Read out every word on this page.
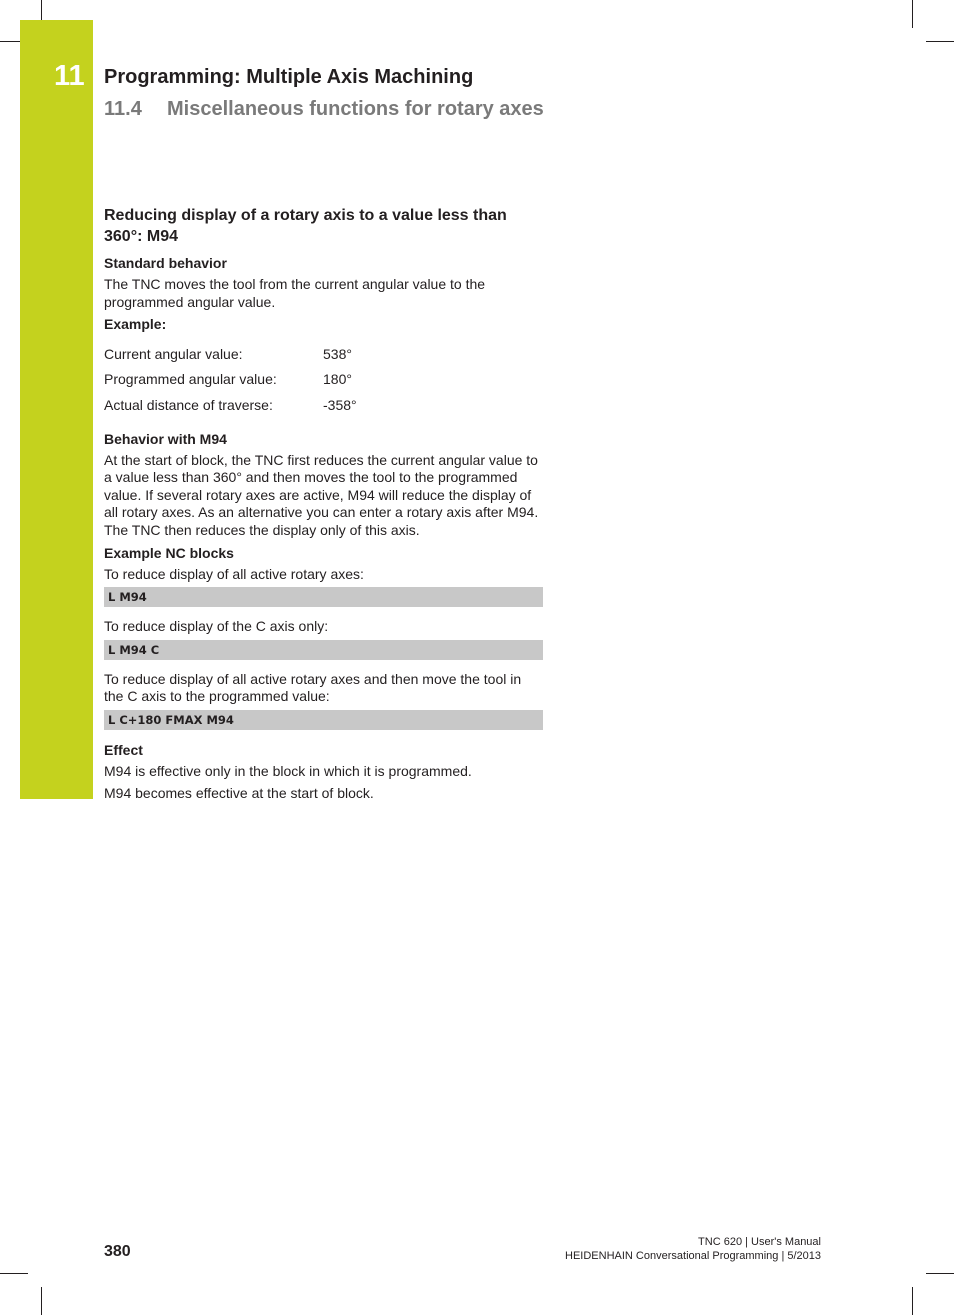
11 Programming: Multiple Axis Machining
11.4 Miscellaneous functions for rotary axes
Reducing display of a rotary axis to a value less than 360°: M94
Standard behavior

The TNC moves the tool from the current angular value to the programmed angular value.

Example:
Current angular value:	538°
Programmed angular value:	180°
Actual distance of traverse:	-358°
Behavior with M94

At the start of block, the TNC first reduces the current angular value to a value less than 360° and then moves the tool to the programmed value. If several rotary axes are active, M94 will reduce the display of all rotary axes. As an alternative you can enter a rotary axis after M94. The TNC then reduces the display only of this axis.

Example NC blocks

To reduce display of all active rotary axes:

L M94

To reduce display of the C axis only:

L M94 C

To reduce display of all active rotary axes and then move the tool in the C axis to the programmed value:

L C+180 FMAX M94
Effect

M94 is effective only in the block in which it is programmed.

M94 becomes effective at the start of block.

380
TNC 620 | User's Manual
HEIDENHAIN Conversational Programming | 5/2013
